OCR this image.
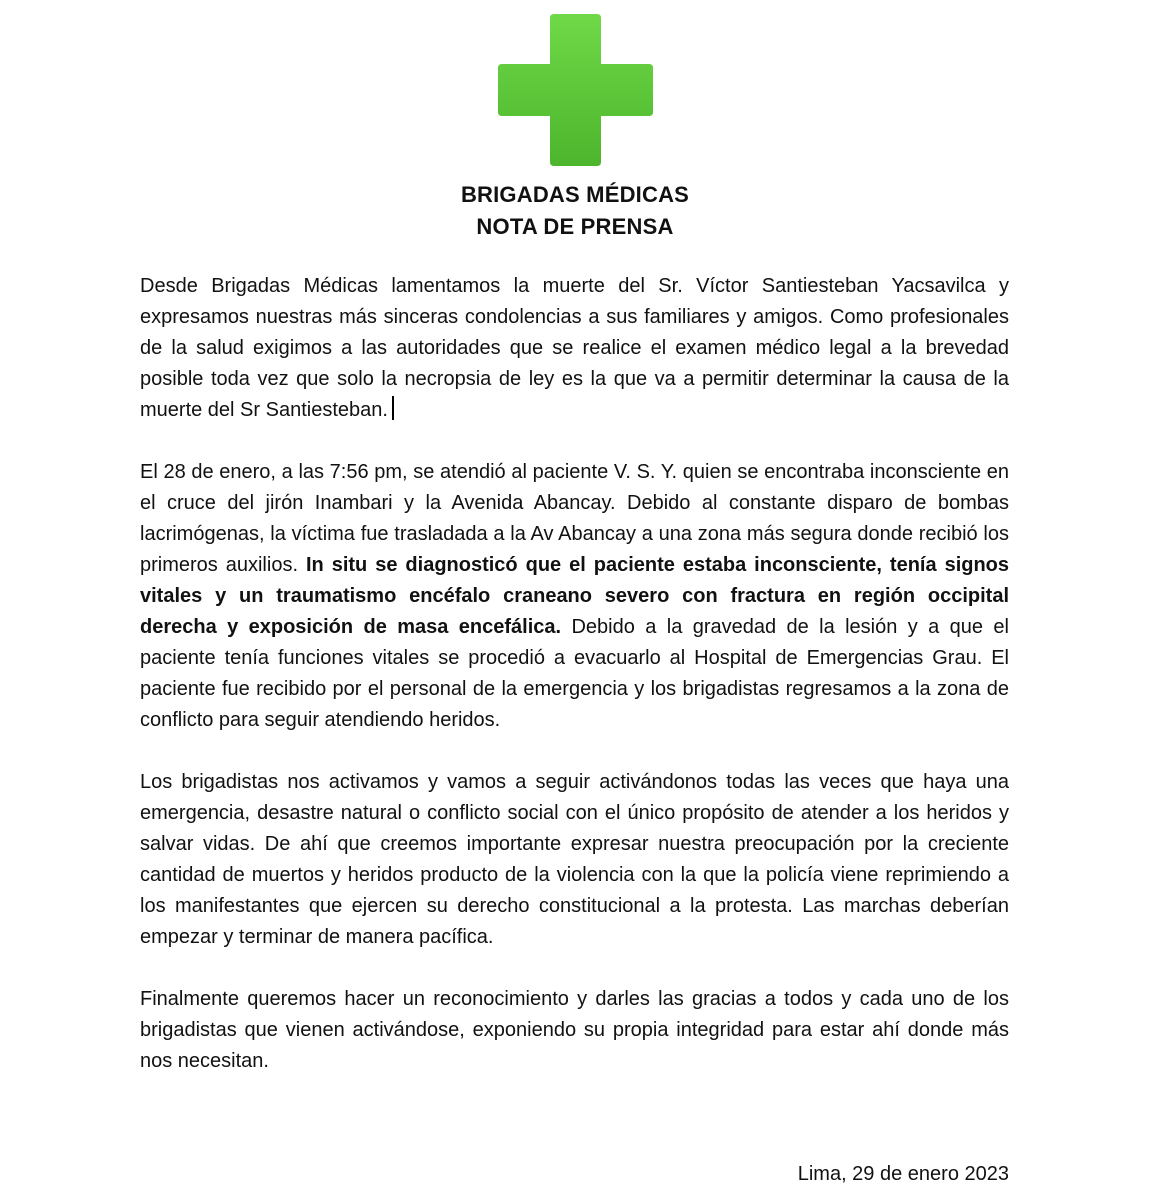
BRIGADAS MÉDICAS
NOTA DE PRENSA

Desde Brigadas Médicas lamentamos la muerte del Sr. Víctor Santiesteban Yacsavilca y expresamos nuestras más sinceras condolencias a sus familiares y amigos. Como profesionales de la salud exigimos a las autoridades que se realice el examen médico legal a la brevedad posible toda vez que solo la necropsia de ley es la que va a permitir determinar la causa de la muerte del Sr Santiesteban.

El 28 de enero, a las 7:56 pm, se atendió al paciente V. S. Y. quien se encontraba inconsciente en el cruce del jirón Inambari y la Avenida Abancay. Debido al constante disparo de bombas lacrimógenas, la víctima fue trasladada a la Av Abancay a una zona más segura donde recibió los primeros auxilios. In situ se diagnosticó que el paciente estaba inconsciente, tenía signos vitales y un traumatismo encéfalo craneano severo con fractura en región occipital derecha y exposición de masa encefálica. Debido a la gravedad de la lesión y a que el paciente tenía funciones vitales se procedió a evacuarlo al Hospital de Emergencias Grau. El paciente fue recibido por el personal de la emergencia y los brigadistas regresamos a la zona de conflicto para seguir atendiendo heridos.

Los brigadistas nos activamos y vamos a seguir activándonos todas las veces que haya una emergencia, desastre natural o conflicto social con el único propósito de atender a los heridos y salvar vidas. De ahí que creemos importante expresar nuestra preocupación por la creciente cantidad de muertos y heridos producto de la violencia con la que la policía viene reprimiendo a los manifestantes que ejercen su derecho constitucional a la protesta. Las marchas deberían empezar y terminar de manera pacífica.

Finalmente queremos hacer un reconocimiento y darles las gracias a todos y cada uno de los brigadistas que vienen activándose, exponiendo su propia integridad para estar ahí donde más nos necesitan.

Lima, 29 de enero 2023
